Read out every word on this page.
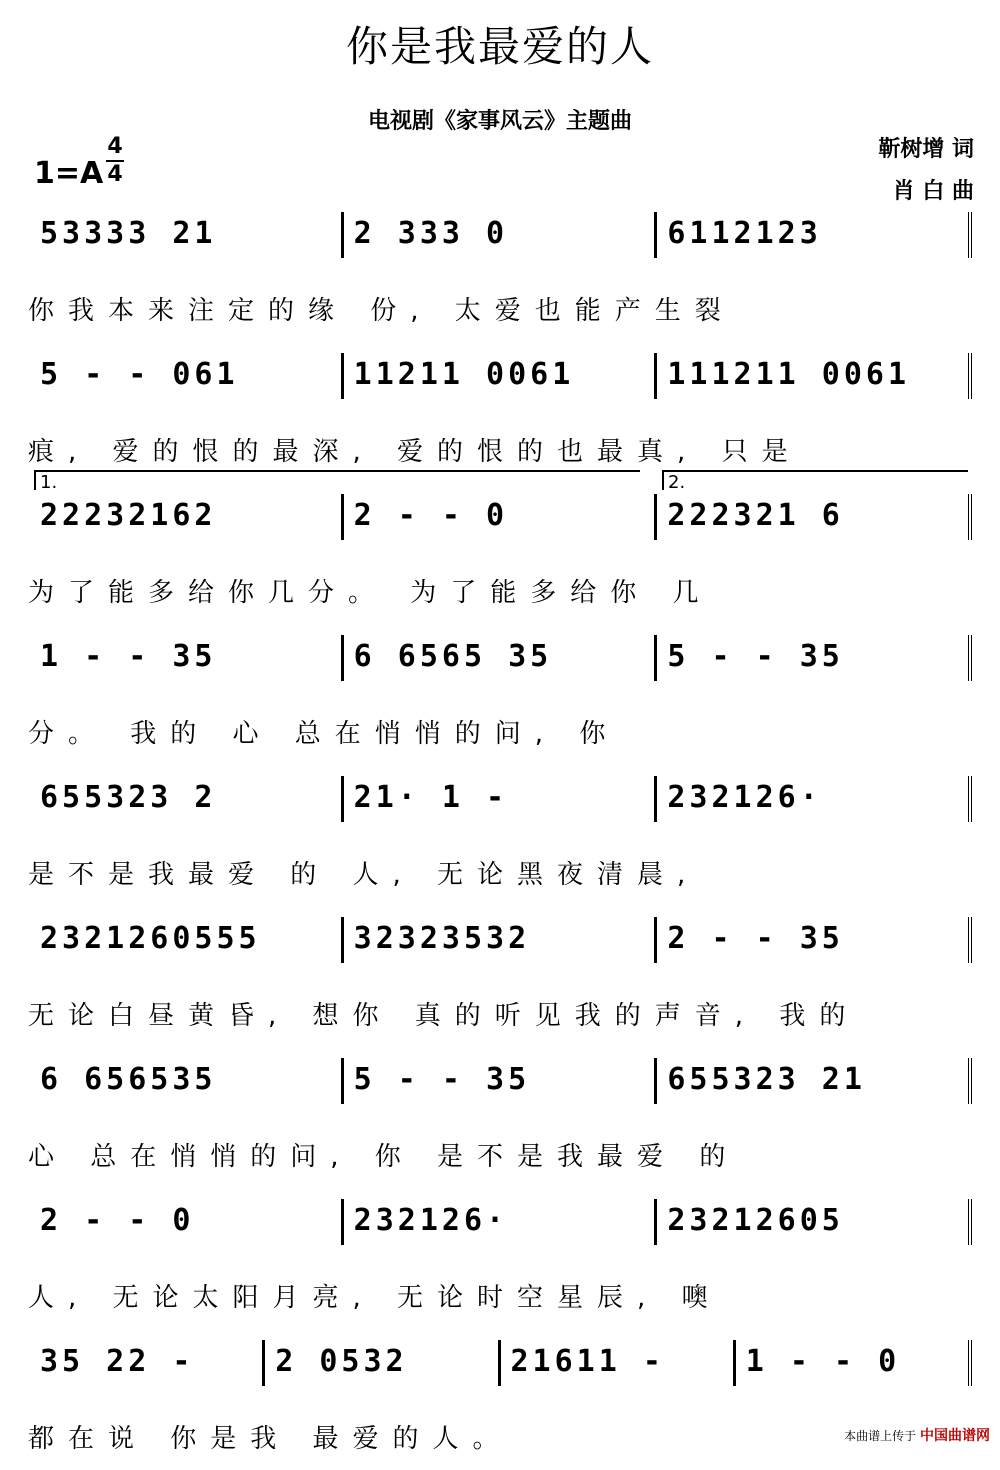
你是我最爱的人
电视剧《家事风云》主题曲
靳树增 词
肖 白 曲
1=A
4
4
53333 21	2 333 0	6112123
你我本来注定的缘 份, 太爱也能产生裂
5 - - 061	11211 0061	111211 0061
痕, 爱的恨的最深, 爱的恨的也最真, 只是
22232162	2 - - 0	222321 6
1.	2.
为了能多给你几分。 为了能多给你 几
1 - - 35	6 6565 35	5 - - 35
分。 我的 心 总在悄悄的问, 你
655323 2	21· 1 -	232126·
是不是我最爱 的 人, 无论黑夜清晨,
2321260555	32323532	2 - - 35
无论白昼黄昏, 想你 真的听见我的声音, 我的
6 656535	5 - - 35	655323 21
心 总在悄悄的问, 你 是不是我最爱 的
2 - - 0	232126·	23212605
人, 无论太阳月亮, 无论时空星辰, 噢
35 22 -	2 0532	21611 -	1 - - 0
都在说 你是我 最爱的人。	本曲谱上传于 中国曲谱网
